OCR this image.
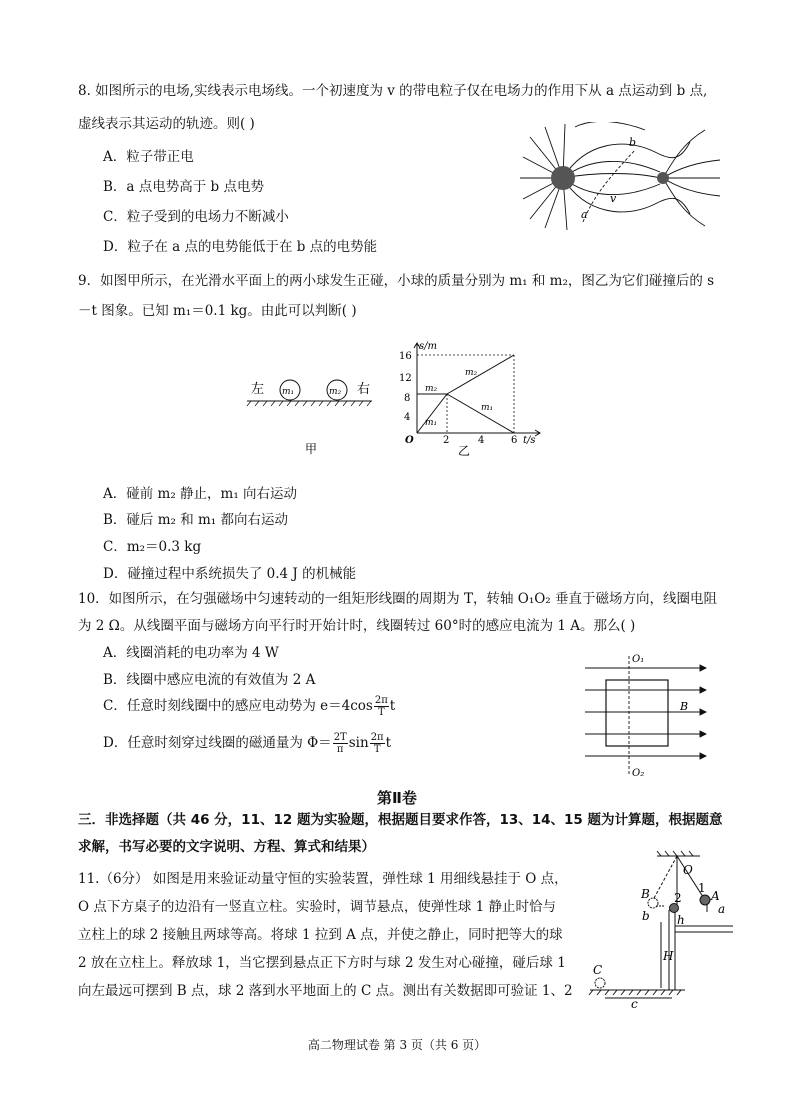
8. 如图所示的电场,实线表示电场线。一个初速度为 v 的带电粒子仅在电场力的作用下从 a 点运动到 b 点,
虚线表示其运动的轨迹。则( )
A．粒子带正电
B．a 点电势高于 b 点电势
C．粒子受到的电场力不断减小
D．粒子在 a 点的电势能低于在 b 点的电势能
b
v
a
9．如图甲所示，在光滑水平面上的两小球发生正碰，小球的质量分别为 m₁ 和 m₂，图乙为它们碰撞后的 s
－t 图象。已知 m₁＝0.1 kg。由此可以判断( )
左 m₁	m₂ 右
甲
s/m
16
12
8
4
O	2	4	6 t/s
m₂
m₂
m₁
m₁
乙
A．碰前 m₂ 静止，m₁ 向右运动
B．碰后 m₂ 和 m₁ 都向右运动
C．m₂＝0.3 kg
D．碰撞过程中系统损失了 0.4 J 的机械能
10．如图所示，在匀强磁场中匀速转动的一组矩形线圈的周期为 T，转轴 O₁O₂ 垂直于磁场方向，线圈电阻
为 2 Ω。从线圈平面与磁场方向平行时开始计时，线圈转过 60°时的感应电流为 1 A。那么( )
A．线圈消耗的电功率为 4 W
B．线圈中感应电流的有效值为 2 A
C．任意时刻线圈中的感应电动势为 $e=4\cos \frac{2\pi}{T}$ t
D．任意时刻穿过线圈的磁通量为 $\Phi= \frac{2T}{\pi}$ $\sin \frac{2\pi}{T}$ t
O₁
O₂
B
第Ⅱ卷
三．非选择题（共 46 分，11、12 题为实验题，根据题目要求作答，13、14、15 题为计算题，根据题意
求解，书写必要的文字说明、方程、算式和结果）
11.（6分） 如图是用来验证动量守恒的实验装置，弹性球 1 用细线悬挂于 O 点，
O 点下方桌子的边沿有一竖直立柱。实验时，调节悬点，使弹性球 1 静止时恰与
立柱上的球 2 接触且两球等高。将球 1 拉到 A 点，并使之静止，同时把等大的球
2 放在立柱上。释放球 1，当它摆到悬点正下方时与球 2 发生对心碰撞，碰后球 1
向左最远可摆到 B 点，球 2 落到水平地面上的 C 点。测出有关数据即可验证 1、2
O
B	A
2
1
b	a
h
H
C
c
高二物理试卷 第 3 页（共 6 页）
